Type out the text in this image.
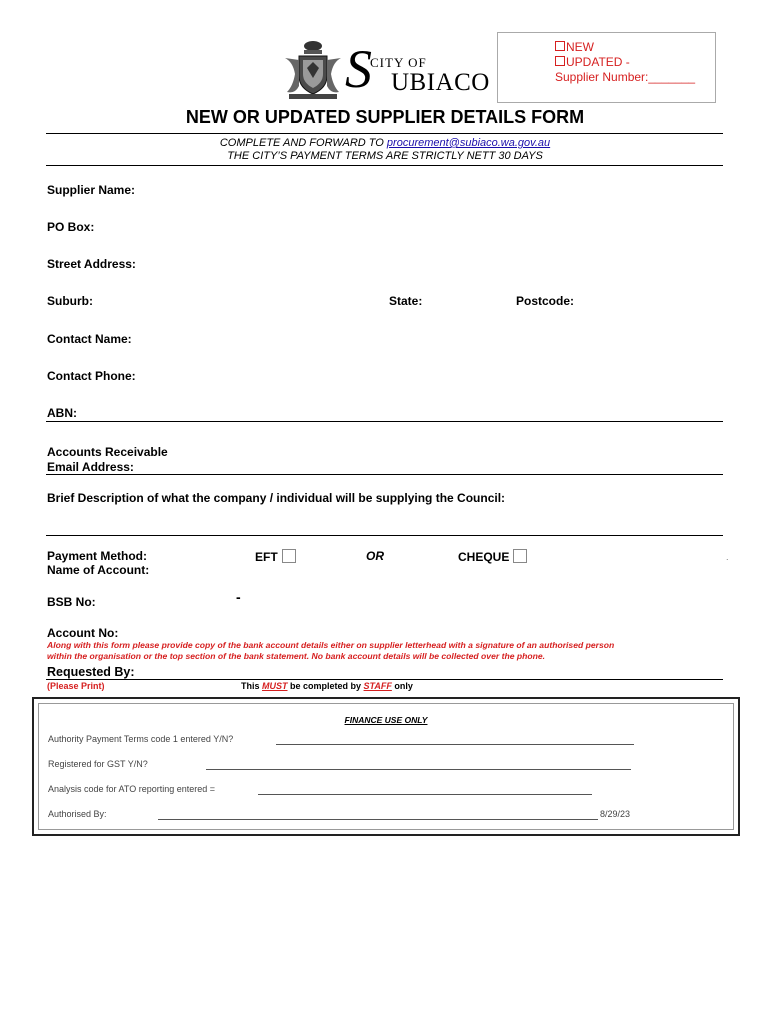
NEW
UPDATED -
Supplier Number:_______
CITY OF
S UBIACO
NEW OR UPDATED SUPPLIER DETAILS FORM
COMPLETE AND FORWARD TO procurement@subiaco.wa.gov.au
THE CITY’S PAYMENT TERMS ARE STRICTLY NETT 30 DAYS
Supplier Name:
PO Box:
Street Address:
Suburb:	State:	Postcode:
Contact Name:
Contact Phone:
ABN:
Accounts Receivable
Email Address:
Brief Description of what the company / individual will be supplying the Council:
Payment Method:	EFT	OR	CHEQUE	.
Name of Account:
BSB No:	-
Account No:
Along with this form please provide copy of the bank account details either on supplier letterhead with a signature of an authorised person
within the organisation or the top section of the bank statement. No bank account details will be collected over the phone.
Requested By:
(Please Print)	This MUST be completed by STAFF only
FINANCE USE ONLY
Authority Payment Terms code 1 entered Y/N?
Registered for GST Y/N?
Analysis code for ATO reporting entered =
Authorised By:	8/29/23
